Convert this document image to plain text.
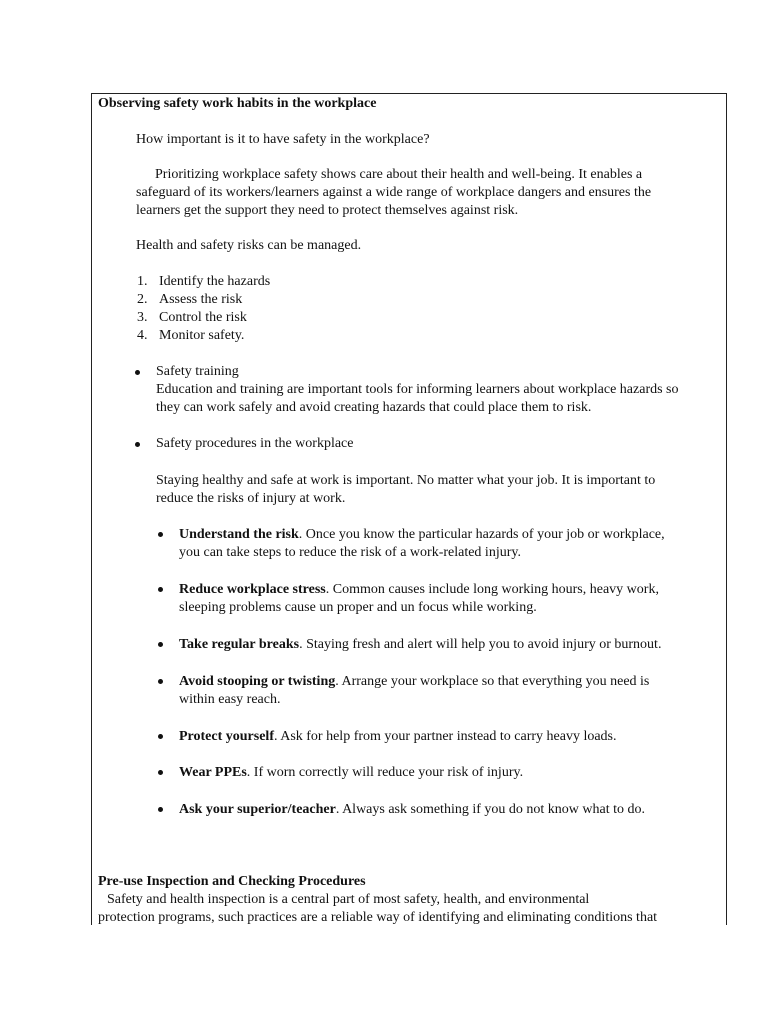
Observing safety work habits in the workplace

How important is it to have safety in the workplace?

Prioritizing workplace safety shows care about their health and well-being. It enables a

safeguard of its workers/learners against a wide range of workplace dangers and ensures the

learners get the support they need to protect themselves against risk.

Health and safety risks can be managed.

1. Identify the hazards
2. Assess the risk
3. Control the risk
4. Monitor safety.
Safety training
Education and training are important tools for informing learners about workplace hazards so
they can work safely and avoid creating hazards that could place them to risk.
Safety procedures in the workplace
Staying healthy and safe at work is important. No matter what your job. It is important to
reduce the risks of injury at work.
Understand the risk. Once you know the particular hazards of your job or workplace,
you can take steps to reduce the risk of a work-related injury.
Reduce workplace stress. Common causes include long working hours, heavy work,
sleeping problems cause un proper and un focus while working.
Take regular breaks. Staying fresh and alert will help you to avoid injury or burnout.
Avoid stooping or twisting. Arrange your workplace so that everything you need is
within easy reach.
Protect yourself. Ask for help from your partner instead to carry heavy loads.
Wear PPEs. If worn correctly will reduce your risk of injury.
Ask your superior/teacher. Always ask something if you do not know what to do.

Pre-use Inspection and Checking Procedures

Safety and health inspection is a central part of most safety, health, and environmental

protection programs, such practices are a reliable way of identifying and eliminating conditions that
